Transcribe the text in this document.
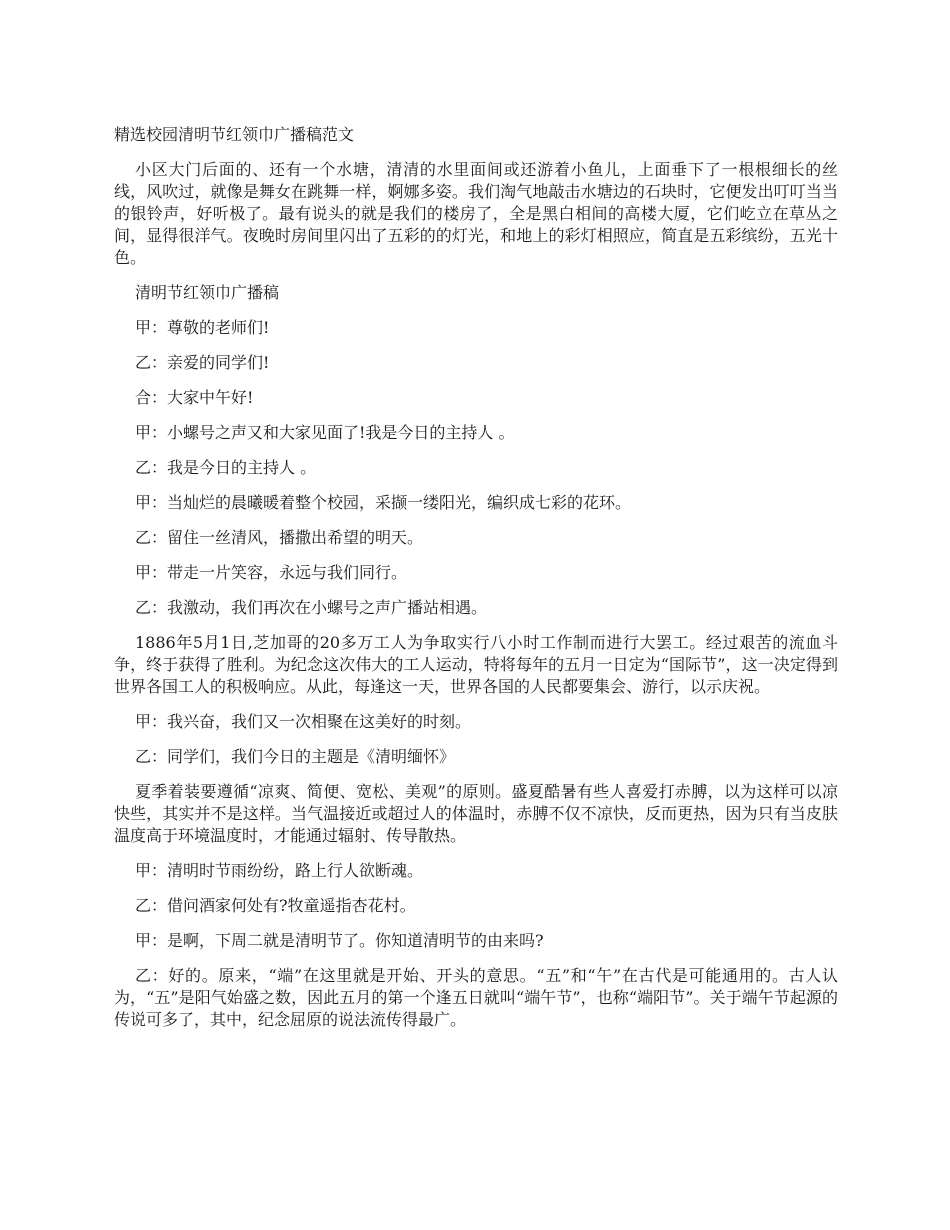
精选校园清明节红领巾广播稿范文

小区大门后面的、还有一个水塘，清清的水里面间或还游着小鱼儿，上面垂下了一根根细长的丝线，风吹过，就像是舞女在跳舞一样，婀娜多姿。我们淘气地敲击水塘边的石块时，它便发出叮叮当当的银铃声，好听极了。最有说头的就是我们的楼房了，全是黑白相间的高楼大厦，它们屹立在草丛之间，显得很洋气。夜晚时房间里闪出了五彩的的灯光，和地上的彩灯相照应，简直是五彩缤纷，五光十色。

清明节红领巾广播稿

甲：尊敬的老师们!

乙：亲爱的同学们!

合：大家中午好!

甲：小螺号之声又和大家见面了!我是今日的主持人 。

乙：我是今日的主持人 。

甲：当灿烂的晨曦暖着整个校园，采撷一缕阳光，编织成七彩的花环。

乙：留住一丝清风，播撒出希望的明天。

甲：带走一片笑容，永远与我们同行。

乙：我激动，我们再次在小螺号之声广播站相遇。

1886年5月1日,芝加哥的20多万工人为争取实行八小时工作制而进行大罢工。经过艰苦的流血斗争，终于获得了胜利。为纪念这次伟大的工人运动，特将每年的五月一日定为“国际节”，这一决定得到世界各国工人的积极响应。从此，每逢这一天，世界各国的人民都要集会、游行，以示庆祝。

甲：我兴奋，我们又一次相聚在这美好的时刻。

乙：同学们，我们今日的主题是《清明缅怀》

夏季着装要遵循“凉爽、简便、宽松、美观”的原则。盛夏酷暑有些人喜爱打赤膊，以为这样可以凉快些，其实并不是这样。当气温接近或超过人的体温时，赤膊不仅不凉快，反而更热，因为只有当皮肤温度高于环境温度时，才能通过辐射、传导散热。

甲：清明时节雨纷纷，路上行人欲断魂。

乙：借问酒家何处有?牧童遥指杏花村。

甲：是啊，下周二就是清明节了。你知道清明节的由来吗?

乙：好的。原来，“端”在这里就是开始、开头的意思。“五”和“午”在古代是可能通用的。古人认为，“五”是阳气始盛之数，因此五月的第一个逢五日就叫“端午节”，也称“端阳节”。关于端午节起源的传说可多了，其中，纪念屈原的说法流传得最广。
